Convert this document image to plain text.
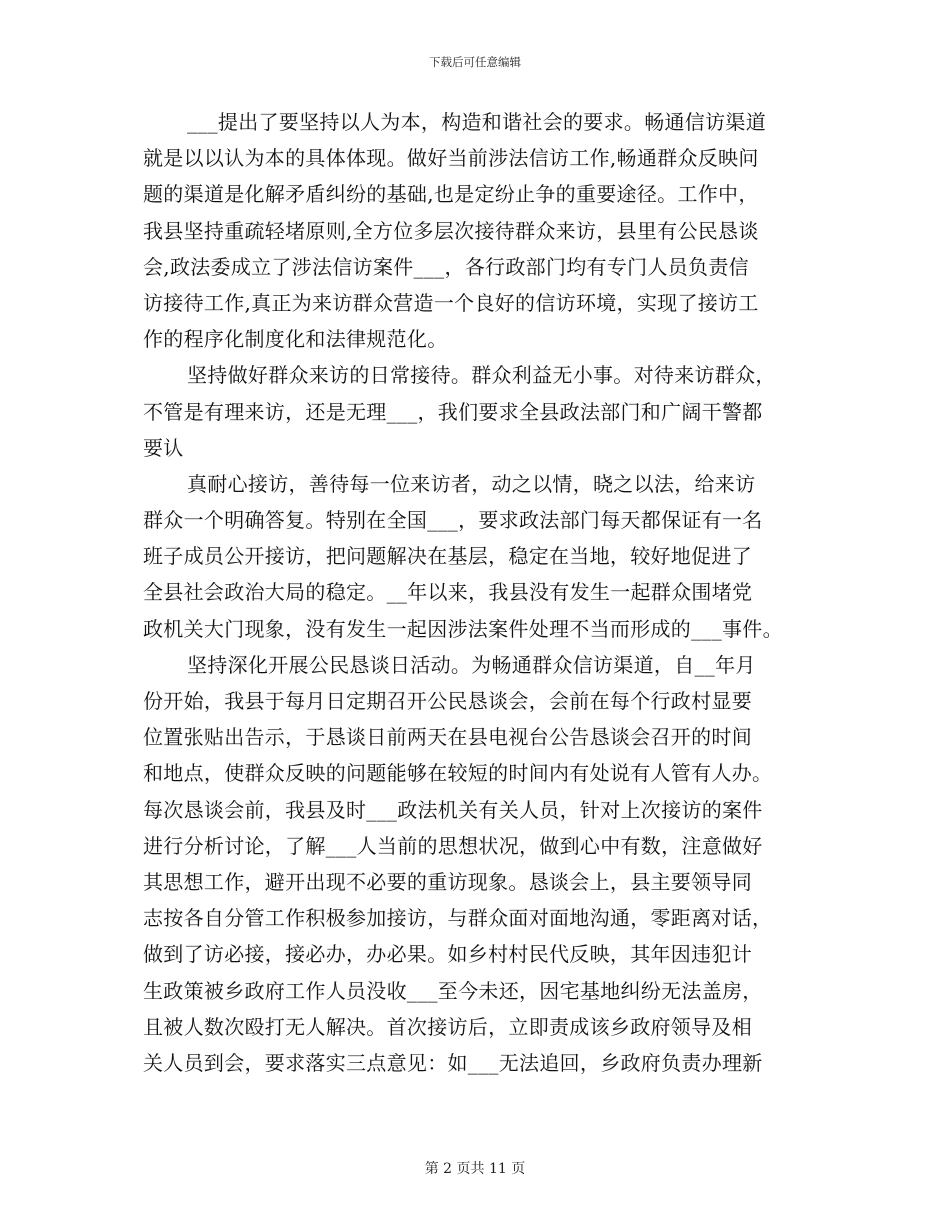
下载后可任意编辑
___提出了要坚持以人为本，构造和谐社会的要求。畅通信访渠道
就是以以认为本的具体体现。做好当前涉法信访工作,畅通群众反映问
题的渠道是化解矛盾纠纷的基础,也是定纷止争的重要途径。工作中，
我县坚持重疏轻堵原则,全方位多层次接待群众来访，县里有公民恳谈
会,政法委成立了涉法信访案件___，各行政部门均有专门人员负责信
访接待工作,真正为来访群众营造一个良好的信访环境，实现了接访工
作的程序化制度化和法律规范化。
坚持做好群众来访的日常接待。群众利益无小事。对待来访群众，
不管是有理来访，还是无理___，我们要求全县政法部门和广阔干警都
要认
真耐心接访，善待每一位来访者，动之以情，晓之以法，给来访
群众一个明确答复。特别在全国___，要求政法部门每天都保证有一名
班子成员公开接访，把问题解决在基层，稳定在当地，较好地促进了
全县社会政治大局的稳定。__年以来，我县没有发生一起群众围堵党
政机关大门现象，没有发生一起因涉法案件处理不当而形成的___事件。
坚持深化开展公民恳谈日活动。为畅通群众信访渠道，自__年月
份开始，我县于每月日定期召开公民恳谈会，会前在每个行政村显要
位置张贴出告示，于恳谈日前两天在县电视台公告恳谈会召开的时间
和地点，使群众反映的问题能够在较短的时间内有处说有人管有人办。
每次恳谈会前，我县及时___政法机关有关人员，针对上次接访的案件
进行分析讨论，了解___人当前的思想状况，做到心中有数，注意做好
其思想工作，避开出现不必要的重访现象。恳谈会上，县主要领导同
志按各自分管工作积极参加接访，与群众面对面地沟通，零距离对话，
做到了访必接，接必办，办必果。如乡村村民代反映，其年因违犯计
生政策被乡政府工作人员没收___至今未还，因宅基地纠纷无法盖房，
且被人数次殴打无人解决。首次接访后，立即责成该乡政府领导及相
关人员到会，要求落实三点意见：如___无法追回，乡政府负责办理新
第 2 页共 11 页
